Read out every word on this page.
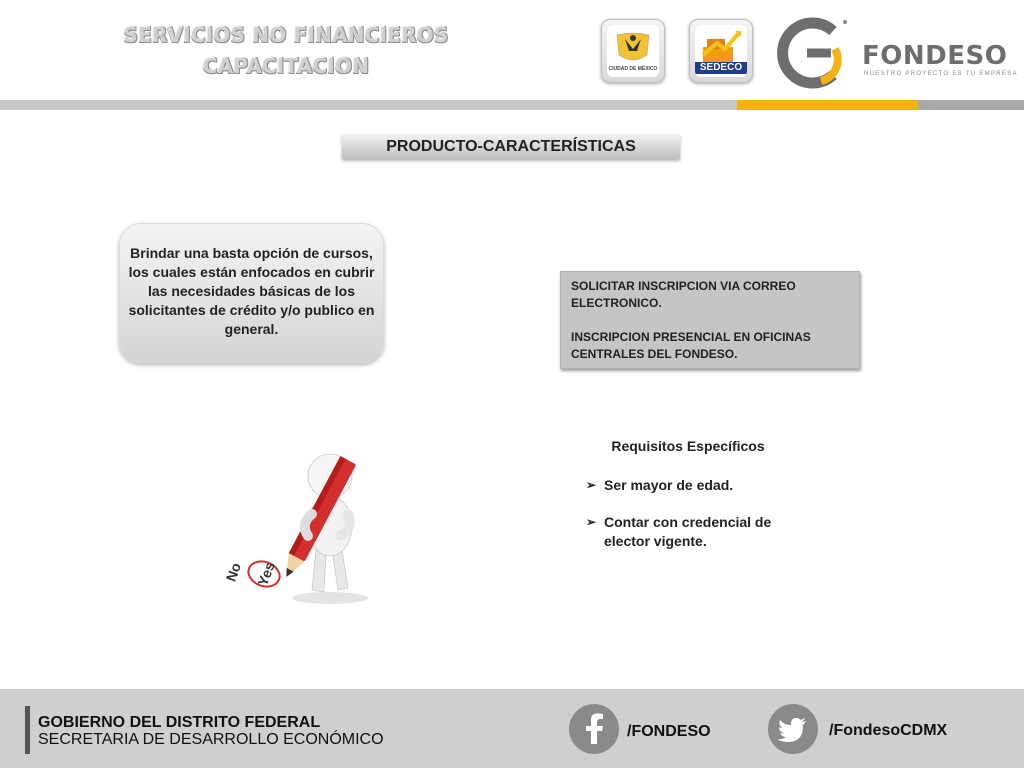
SERVICIOS NO FINANCIEROS
CAPACITACION	CIUDAD DE MÉXICO	SEDECO	FONDESO
NUESTRO PROYECTO ES TU EMPRESA
PRODUCTO-CARACTERÍSTICAS
Brindar una basta opción de cursos, los cuales están enfocados en cubrir las necesidades básicas de los solicitantes de crédito y/o publico en general.

SOLICITAR INSCRIPCION VIA CORREO ELECTRONICO.

INSCRIPCION PRESENCIAL EN OFICINAS CENTRALES DEL FONDESO.

Requisitos Específicos
➢ Ser mayor de edad.
➢ Contar con credencial de elector vigente.
No Yes
GOBIERNO DEL DISTRITO FEDERAL
SECRETARIA DE DESARROLLO ECONÓMICO	/FONDESO	/FondesoCDMX
